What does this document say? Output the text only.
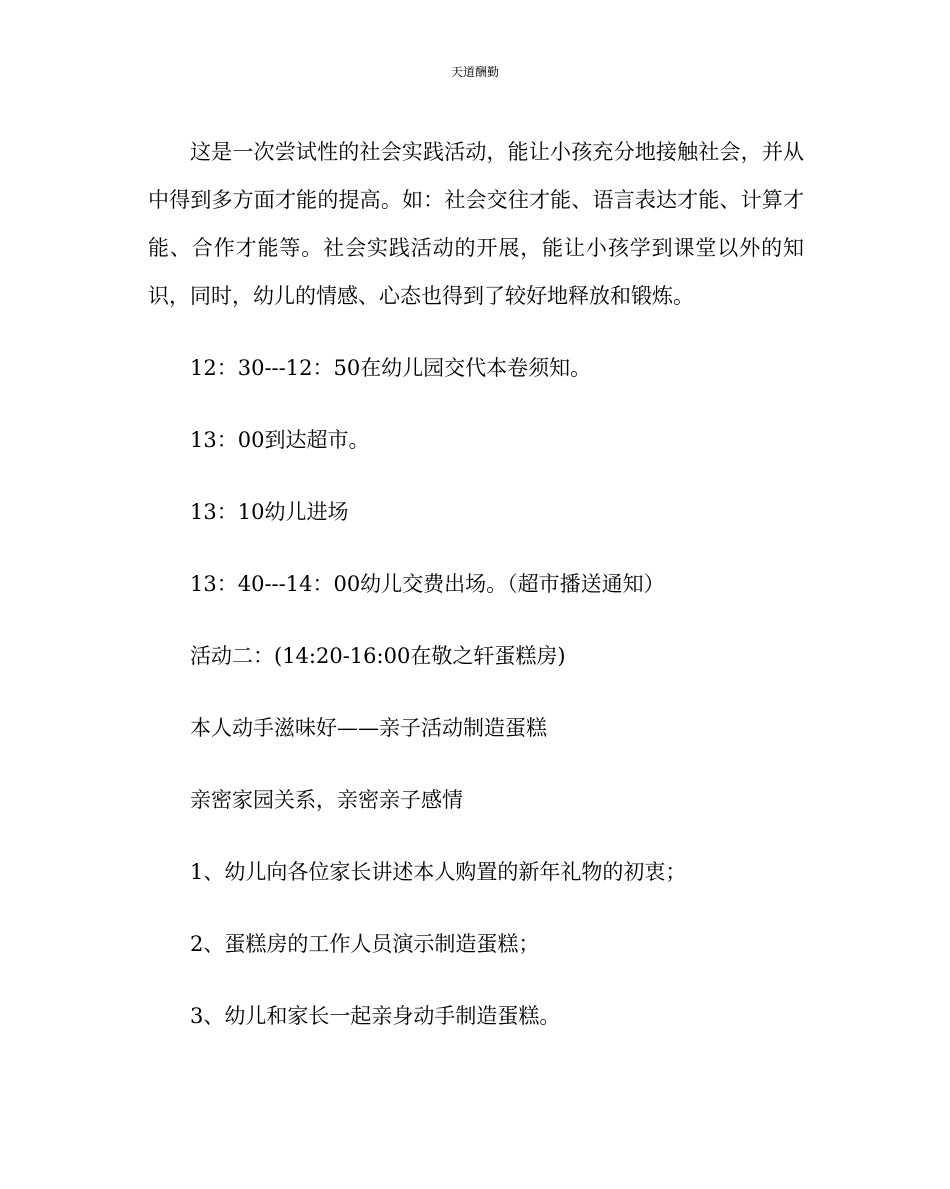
天道酬勤

这是一次尝试性的社会实践活动，能让小孩充分地接触社会，并从中得到多方面才能的提高。如：社会交往才能、语言表达才能、计算才能、合作才能等。社会实践活动的开展，能让小孩学到课堂以外的知识，同时，幼儿的情感、心态也得到了较好地释放和锻炼。

12：30---12：50在幼儿园交代本卷须知。

13：00到达超市。

13：10幼儿进场

13：40---14：00幼儿交费出场。（超市播送通知）

活动二：(14:20-16:00在敬之轩蛋糕房)

本人动手滋味好——亲子活动制造蛋糕

亲密家园关系，亲密亲子感情

1、幼儿向各位家长讲述本人购置的新年礼物的初衷；

2、蛋糕房的工作人员演示制造蛋糕；

3、幼儿和家长一起亲身动手制造蛋糕。
